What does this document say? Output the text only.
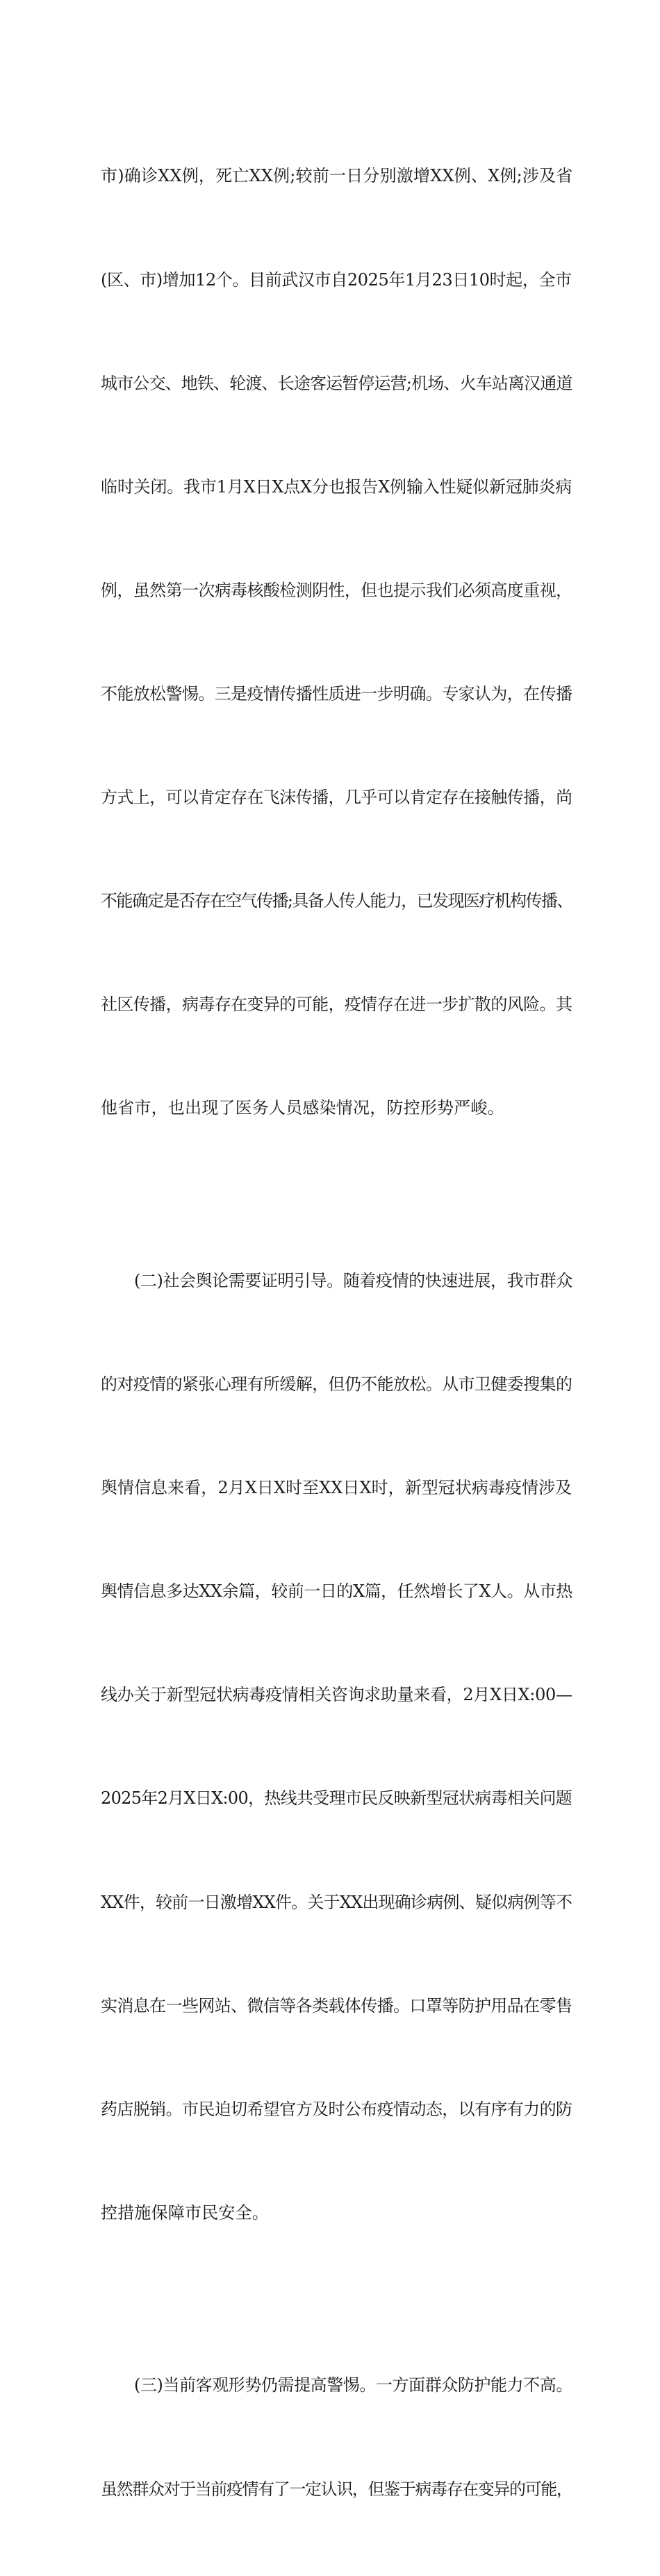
市)确诊XX例，死亡XX例;较前一日分别激增XX例、X例;涉及省

(区、市)增加12个。目前武汉市自2025年1月23日10时起，全市

城市公交、地铁、轮渡、长途客运暂停运营;机场、火车站离汉通道

临时关闭。我市1月X日X点X分也报告X例输入性疑似新冠肺炎病

例，虽然第一次病毒核酸检测阴性，但也提示我们必须高度重视，

不能放松警惕。三是疫情传播性质进一步明确。专家认为，在传播

方式上，可以肯定存在飞沫传播，几乎可以肯定存在接触传播，尚

不能确定是否存在空气传播;具备人传人能力，已发现医疗机构传播、

社区传播，病毒存在变异的可能，疫情存在进一步扩散的风险。其

他省市，也出现了医务人员感染情况，防控形势严峻。

(二)社会舆论需要证明引导。随着疫情的快速进展，我市群众

的对疫情的紧张心理有所缓解，但仍不能放松。从市卫健委搜集的

舆情信息来看，2月X日X时至XX日X时，新型冠状病毒疫情涉及

舆情信息多达XX余篇，较前一日的X篇，任然增长了X人。从市热

线办关于新型冠状病毒疫情相关咨询求助量来看，2月X日X:00—

2025年2月X日X:00，热线共受理市民反映新型冠状病毒相关问题

XX件，较前一日激增XX件。关于XX出现确诊病例、疑似病例等不

实消息在一些网站、微信等各类载体传播。口罩等防护用品在零售

药店脱销。市民迫切希望官方及时公布疫情动态，以有序有力的防

控措施保障市民安全。

(三)当前客观形势仍需提高警惕。一方面群众防护能力不高。

虽然群众对于当前疫情有了一定认识，但鉴于病毒存在变异的可能，
